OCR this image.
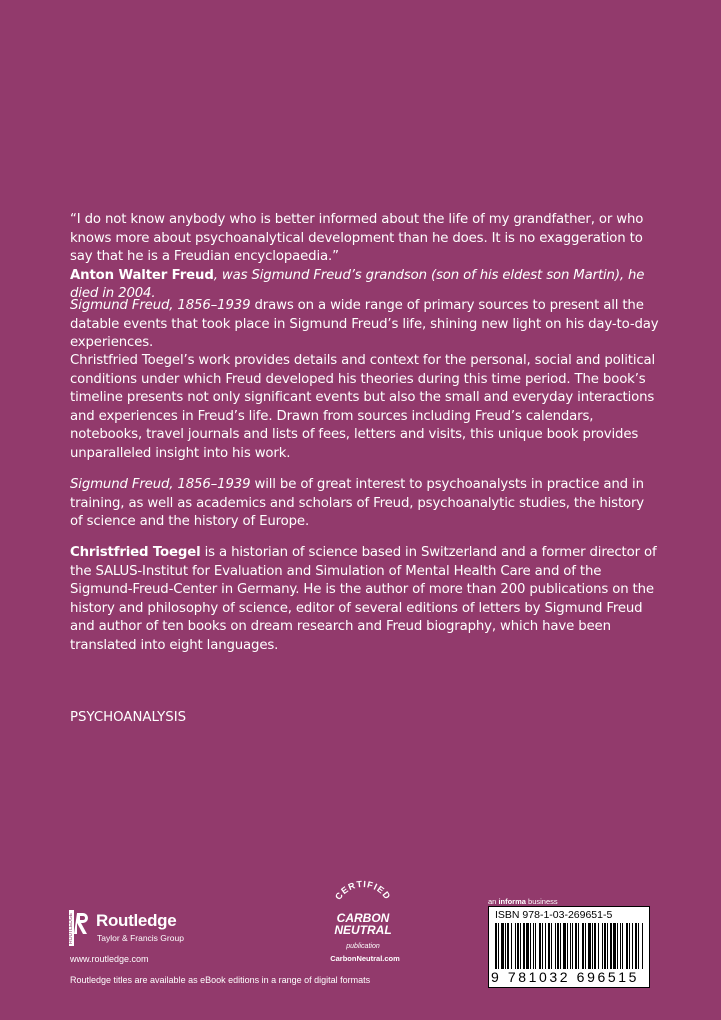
“I do not know anybody who is better informed about the life of my grandfather, or who knows more about psychoanalytical development than he does. It is no exaggeration to say that he is a Freudian encyclopaedia.”

Anton Walter Freud, was Sigmund Freud’s grandson (son of his eldest son Martin), he died in 2004.

Sigmund Freud, 1856–1939 draws on a wide range of primary sources to present all the datable events that took place in Sigmund Freud’s life, shining new light on his day-to-day experiences.

Christfried Toegel’s work provides details and context for the personal, social and political conditions under which Freud developed his theories during this time period. The book’s timeline presents not only significant events but also the small and everyday interactions and experiences in Freud’s life. Drawn from sources including Freud’s calendars, notebooks, travel journals and lists of fees, letters and visits, this unique book provides unparalleled insight into his work.

Sigmund Freud, 1856–1939 will be of great interest to psychoanalysts in practice and in training, as well as academics and scholars of Freud, psychoanalytic studies, the history of science and the history of Europe.

Christfried Toegel is a historian of science based in Switzerland and a former director of the SALUS-Institut for Evaluation and Simulation of Mental Health Care and of the Sigmund-Freud-Center in Germany. He is the author of more than 200 publications on the history and philosophy of science, editor of several editions of letters by Sigmund Freud and author of ten books on dream research and Freud biography, which have been translated into eight languages.

PSYCHOANALYSIS
ROUTLEDGE Routledge
Taylor & Francis Group
www.routledge.com
Routledge titles are available as eBook editions in a range of digital formats
CERTIFIED
CARBON
NEUTRAL
publication
CarbonNeutral.com
an informa business
ISBN 978-1-03-269651-5
9 781032 696515
